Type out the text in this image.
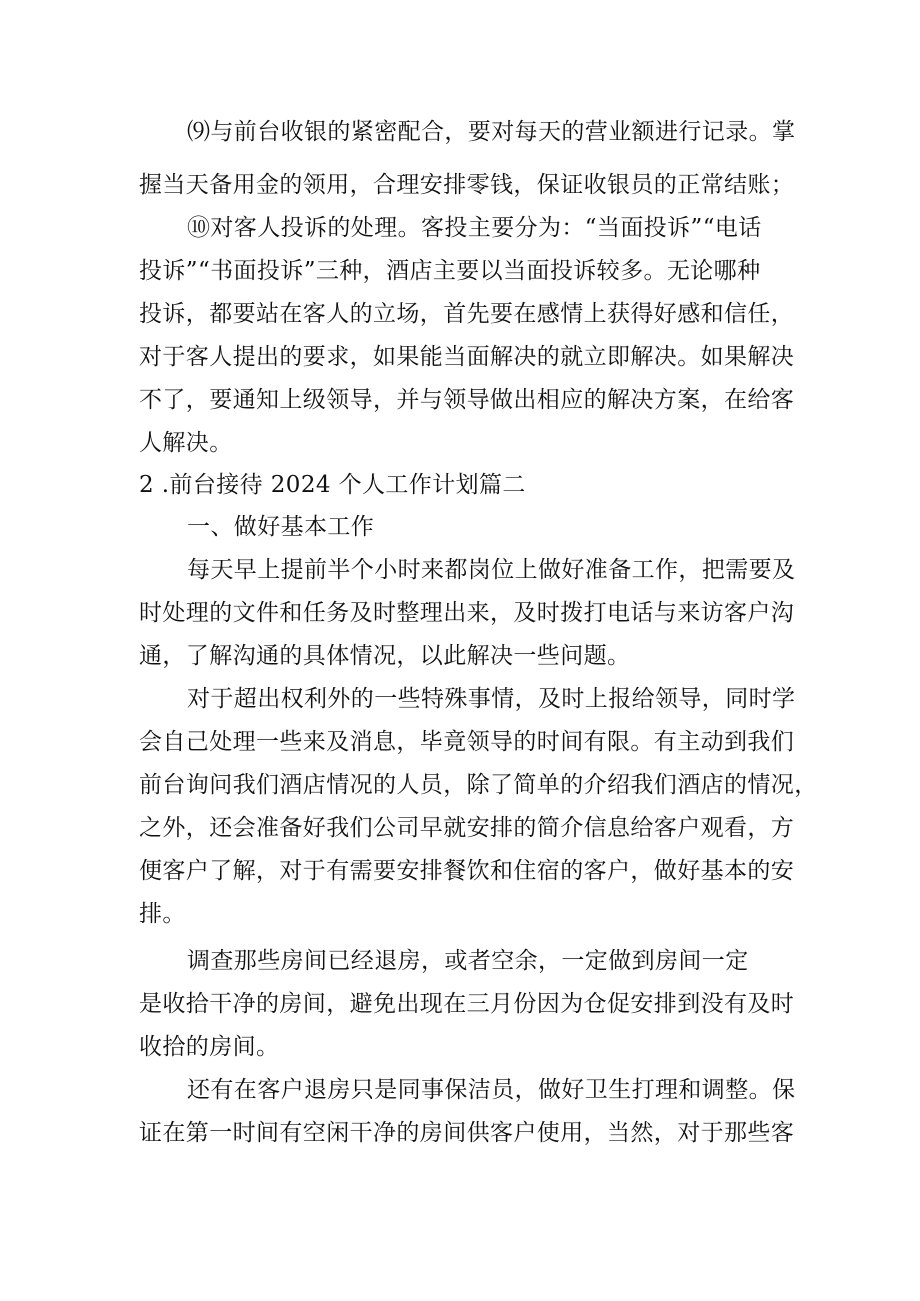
⑼与前台收银的紧密配合，要对每天的营业额进行记录。掌
握当天备用金的领用，合理安排零钱，保证收银员的正常结账；
⑩对客人投诉的处理。客投主要分为：“当面投诉”“电话
投诉”“书面投诉”三种，酒店主要以当面投诉较多。无论哪种
投诉，都要站在客人的立场，首先要在感情上获得好感和信任，
对于客人提出的要求，如果能当面解决的就立即解决。如果解决
不了，要通知上级领导，并与领导做出相应的解决方案，在给客
人解决。
2 .前台接待 2024 个人工作计划篇二
一、做好基本工作
每天早上提前半个小时来都岗位上做好准备工作，把需要及
时处理的文件和任务及时整理出来，及时拨打电话与来访客户沟
通，了解沟通的具体情况，以此解决一些问题。
对于超出权利外的一些特殊事情，及时上报给领导，同时学
会自己处理一些来及消息，毕竟领导的时间有限。有主动到我们
前台询问我们酒店情况的人员，除了简单的介绍我们酒店的情况，
之外，还会准备好我们公司早就安排的简介信息给客户观看，方
便客户了解，对于有需要安排餐饮和住宿的客户，做好基本的安
排。
调查那些房间已经退房，或者空余，一定做到房间一定
是收拾干净的房间，避免出现在三月份因为仓促安排到没有及时
收拾的房间。
还有在客户退房只是同事保洁员，做好卫生打理和调整。保
证在第一时间有空闲干净的房间供客户使用，当然，对于那些客
